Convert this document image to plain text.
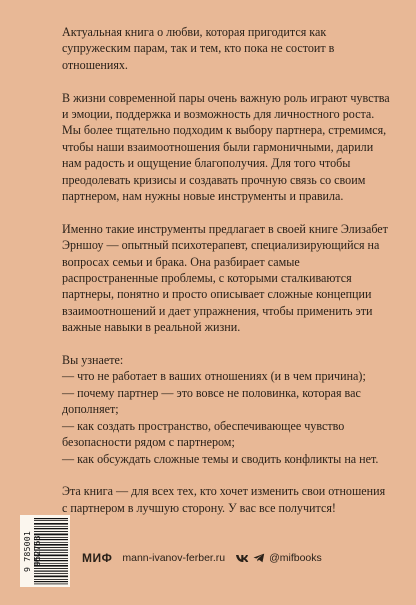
Актуальная книга о любви, которая пригодится как супружеским парам, так и тем, кто пока не состоит в отношениях.

В жизни современной пары очень важную роль играют чувства и эмоции, поддержка и возможность для личностного роста. Мы более тщательно подходим к выбору партнера, стремимся, чтобы наши взаимоотношения были гармоничными, дарили нам радость и ощущение благополучия. Для того чтобы преодолевать кризисы и создавать прочную связь со своим партнером, нам нужны новые инструменты и правила.

Именно такие инструменты предлагает в своей книге Элизабет Эрншоу — опытный психотерапевт, специализирующийся на вопросах семьи и брака. Она разбирает самые распространенные проблемы, с которыми сталкиваются партнеры, понятно и просто описывает сложные концепции взаимоотношений и дает упражнения, чтобы применить эти важные навыки в реальной жизни.

Вы узнаете:
— что не работает в ваших отношениях (и в чем причина);
— почему партнер — это вовсе не половинка, которая вас дополняет;
— как создать пространство, обеспечивающее чувство безопасности рядом с партнером;
— как обсуждать сложные темы и сводить конфликты на нет.

Эта книга — для всех тех, кто хочет изменить свои отношения с партнером в лучшую сторону. У вас все получится!

9 785001 952763	МИФ mann-ivanov-ferber.ru	@mifbooks
